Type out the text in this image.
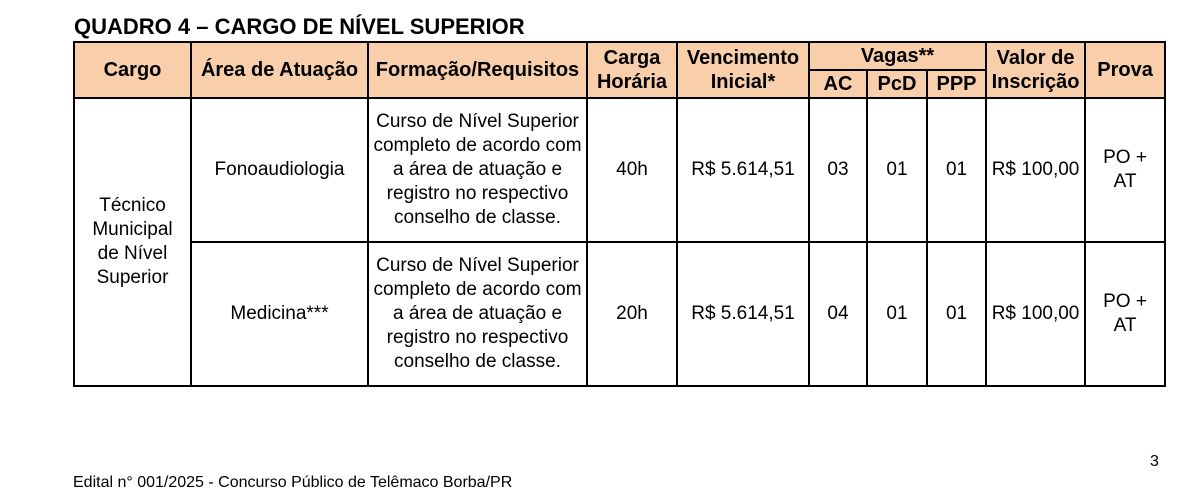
QUADRO 4 – CARGO DE NÍVEL SUPERIOR
Cargo	Área de Atuação	Formação/Requisitos	Carga Horária	Vencimento Inicial*	Vagas**			Valor de Inscrição	Prova
					AC	PcD	PPP		
Técnico Municipal de Nível Superior	Fonoaudiologia	Curso de Nível Superior completo de acordo com a área de atuação e registro no respectivo conselho de classe.	40h	R$ 5.614,51	03	01	01	R$ 100,00	PO + AT
	Medicina***	Curso de Nível Superior completo de acordo com a área de atuação e registro no respectivo conselho de classe.	20h	R$ 5.614,51	04	01	01	R$ 100,00	PO + AT
3
Edital n° 001/2025 - Concurso Público de Telêmaco Borba/PR
